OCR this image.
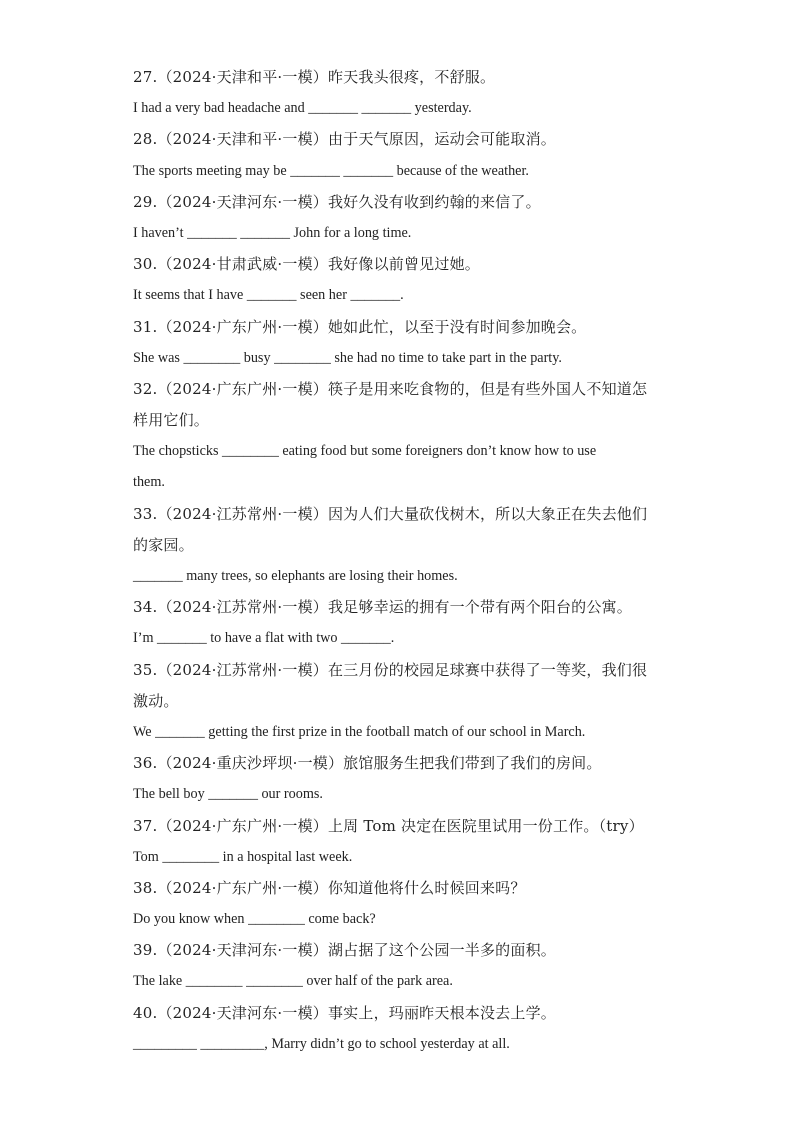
27.（2024·天津和平·一模）昨天我头很疼，不舒服。
I had a very bad headache and _______ _______ yesterday.
28.（2024·天津和平·一模）由于天气原因，运动会可能取消。
The sports meeting may be _______ _______ because of the weather.
29.（2024·天津河东·一模）我好久没有收到约翰的来信了。
I haven’t _______ _______ John for a long time.
30.（2024·甘肃武威·一模）我好像以前曾见过她。
It seems that I have _______ seen her _______.
31.（2024·广东广州·一模）她如此忙，以至于没有时间参加晚会。
She was ________ busy ________ she had no time to take part in the party.
32.（2024·广东广州·一模）筷子是用来吃食物的，但是有些外国人不知道怎
样用它们。
The chopsticks ________ eating food but some foreigners don’t know how to use
them.
33.（2024·江苏常州·一模）因为人们大量砍伐树木，所以大象正在失去他们
的家园。
_______ many trees, so elephants are losing their homes.
34.（2024·江苏常州·一模）我足够幸运的拥有一个带有两个阳台的公寓。
I’m _______ to have a flat with two _______.
35.（2024·江苏常州·一模）在三月份的校园足球赛中获得了一等奖，我们很
激动。
We _______ getting the first prize in the football match of our school in March.
36.（2024·重庆沙坪坝·一模）旅馆服务生把我们带到了我们的房间。
The bell boy _______ our rooms.
37.（2024·广东广州·一模）上周 Tom 决定在医院里试用一份工作。（try）
Tom ________ in a hospital last week.
38.（2024·广东广州·一模）你知道他将什么时候回来吗？
Do you know when ________ come back?
39.（2024·天津河东·一模）湖占据了这个公园一半多的面积。
The lake ________ ________ over half of the park area.
40.（2024·天津河东·一模）事实上，玛丽昨天根本没去上学。
_________ _________, Marry didn’t go to school yesterday at all.
